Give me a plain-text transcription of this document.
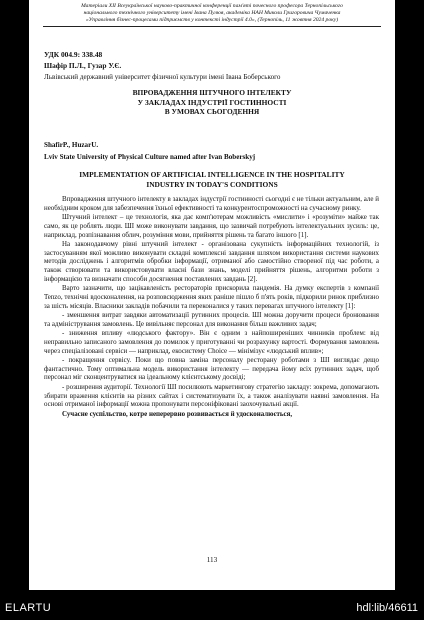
Матеріали XII Всеукраїнської науково-практичної конференції пам'яті почесного професора Тернопільського
національного технічного університету імені Івана Пулюя, академіка НАН Миколи Григоровича Чумаченка
«Управління бізнес-процесами підприємств у контексті індустрії 4.0», (Тернопіль, 11 жовтня 2024 року)
УДК 004.9: 338.48
Шафір П.Л., Гузар У.Є.
Львівський державний університет фізичної культури імені Івана Боберського
ВПРОВАДЖЕННЯ ШТУЧНОГО ІНТЕЛЕКТУ
У ЗАКЛАДАХ ІНДУСТРІЇ ГОСТИННОСТІ
В УМОВАХ СЬОГОДЕННЯ
ShafirP., HuzarU.
Lviv State University of Physical Culture named after Ivan Boberskyj
IMPLEMENTATION OF ARTIFICIAL INTELLIGENCE IN THE HOSPITALITY
INDUSTRY IN TODAY'S CONDITIONS

Впровадження штучного інтелекту в закладах індустрії гостинності сьогодні є не тільки актуальним, але й необхідним кроком для забезпечення їхньої ефективності та конкурентоспроможності на сучасному ринку.

Штучний інтелект – це технологія, яка дає комп'ютерам можливість «мислити» і «розуміти» майже так само, як це роблять люди. ШІ може виконувати завдання, що зазвичай потребують інтелектуальних зусиль: це, наприклад, розпізнавання облич, розуміння мови, прийняття рішень та багато іншого [1].

На законодавчому рівні штучний інтелект - організована сукупність інформаційних технологій, із застосуванням якої можливо виконувати складні комплексні завдання шляхом використання системи наукових методів досліджень і алгоритмів обробки інформації, отриманої або самостійно створеної під час роботи, а також створювати та використовувати власні бази знань, моделі прийняття рішень, алгоритми роботи з інформацією та визначати способи досягнення поставлених завдань [2].

Варто зазначити, що зацікавленість рестораторів прискорила пандемія. На думку експертів з компанії Tenzo, технічні вдосконалення, на розповсюдження яких раніше пішло б п'ять років, підкорили ринок приблизно за шість місяців. Власники закладів побачили та переконалися у таких перевагах штучного інтелекту [1]:

- зменшення витрат завдяки автоматизації рутинних процесів. ШІ можна доручити процеси бронювання та адміністрування замовлень. Це вивільняє персонал для виконання більш важливих задач;

- зниження впливу «людського фактору». Він є одним з найпоширеніших чинників проблем: від неправильно записаного замовлення до помилок у приготуванні чи розрахунку вартості. Формування замовлень через спеціалізовані сервіси — наприклад, екосистему Choice — мінімізує «людський вплив»;

- покращення сервісу. Поки що повна заміна персоналу ресторану роботами з ШІ виглядає дещо фантастично. Тому оптимальна модель використання інтелекту — передача йому всіх рутинних задач, щоб персонал міг сконцентруватися на ідеальному клієнтському досвіді;

- розширення аудиторії. Технології ШІ посилюють маркетингову стратегію закладу: зокрема, допомагають збирати враження клієнтів на різних сайтах і систематизувати їх, а також аналізувати наявні замовлення. На основі отриманої інформації можна пропонувати персоніфіковані заохочувальні акції.

Сучасне суспільство, котре неперервно розвивається й удосконалюється,

113
ELARTU	hdl:lib/46611
